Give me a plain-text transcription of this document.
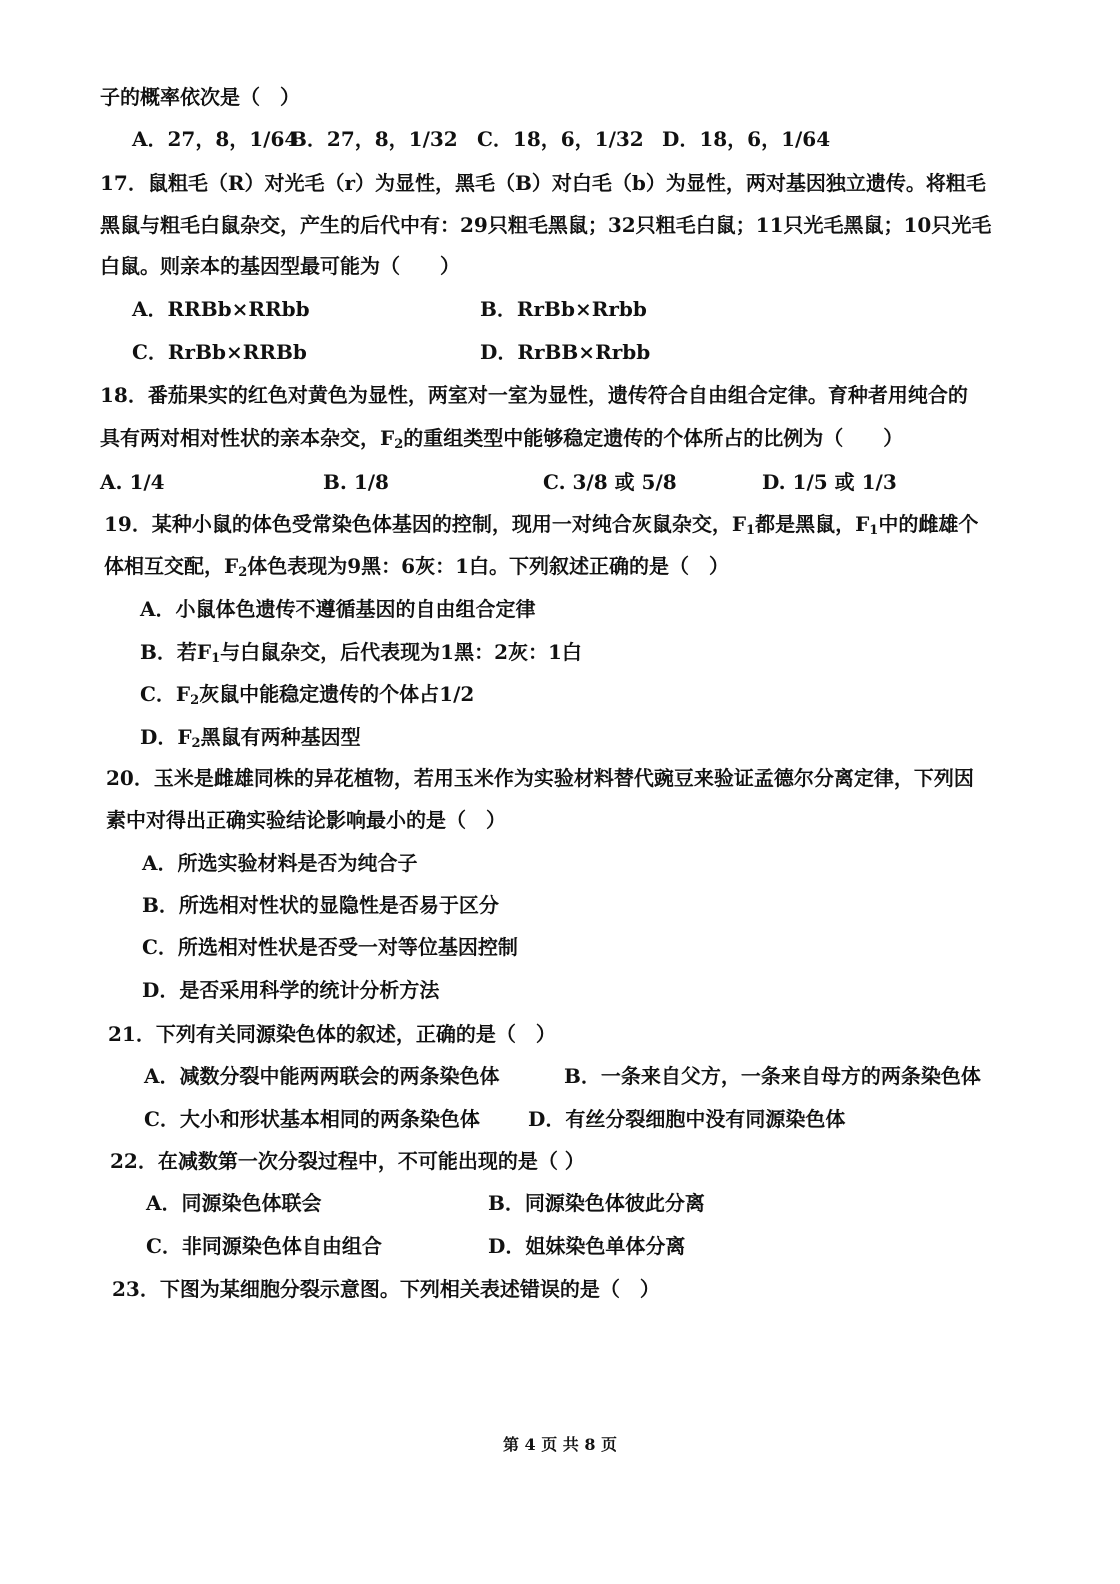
子的概率依次是（　）
A．27，8，1/64
B．27，8，1/32 C．18，6，1/32 D．18，6，1/64
17．鼠粗毛（R）对光毛（r）为显性，黑毛（B）对白毛（b）为显性，两对基因独立遗传。将粗毛
黑鼠与粗毛白鼠杂交，产生的后代中有：29只粗毛黑鼠；32只粗毛白鼠；11只光毛黑鼠；10只光毛
白鼠。则亲本的基因型最可能为（　　）
A．RRBb×RRbb	B．RrBb×Rrbb
C．RrBb×RRBb	D．RrBB×Rrbb
18．番茄果实的红色对黄色为显性，两室对一室为显性，遗传符合自由组合定律。育种者用纯合的
具有两对相对性状的亲本杂交，$F_2$的重组类型中能够稳定遗传的个体所占的比例为（　　）
A. 1/4	B. 1/8	C. 3/8 或 5/8	D. 1/5 或 1/3
19．某种小鼠的体色受常染色体基因的控制，现用一对纯合灰鼠杂交，$F_1$都是黑鼠，$F_1$中的雌雄个
体相互交配，$F_2$体色表现为9黑：6灰：1白。下列叙述正确的是（　）
A．小鼠体色遗传不遵循基因的自由组合定律
B．若$F_1$与白鼠杂交，后代表现为1黑：2灰：1白
C．$F_2$灰鼠中能稳定遗传的个体占1/2
D．$F_2$黑鼠有两种基因型
20．玉米是雌雄同株的异花植物，若用玉米作为实验材料替代豌豆来验证孟德尔分离定律，下列因
素中对得出正确实验结论影响最小的是（　）
A．所选实验材料是否为纯合子
B．所选相对性状的显隐性是否易于区分
C．所选相对性状是否受一对等位基因控制
D．是否采用科学的统计分析方法
21．下列有关同源染色体的叙述，正确的是（　）
A．减数分裂中能两两联会的两条染色体	B．一条来自父方，一条来自母方的两条染色体
C．大小和形状基本相同的两条染色体 D．有丝分裂细胞中没有同源染色体
22．在减数第一次分裂过程中，不可能出现的是（ ）
A．同源染色体联会	B．同源染色体彼此分离
C．非同源染色体自由组合	D．姐妹染色单体分离
23．下图为某细胞分裂示意图。下列相关表述错误的是（　）
第 4 页 共 8 页
